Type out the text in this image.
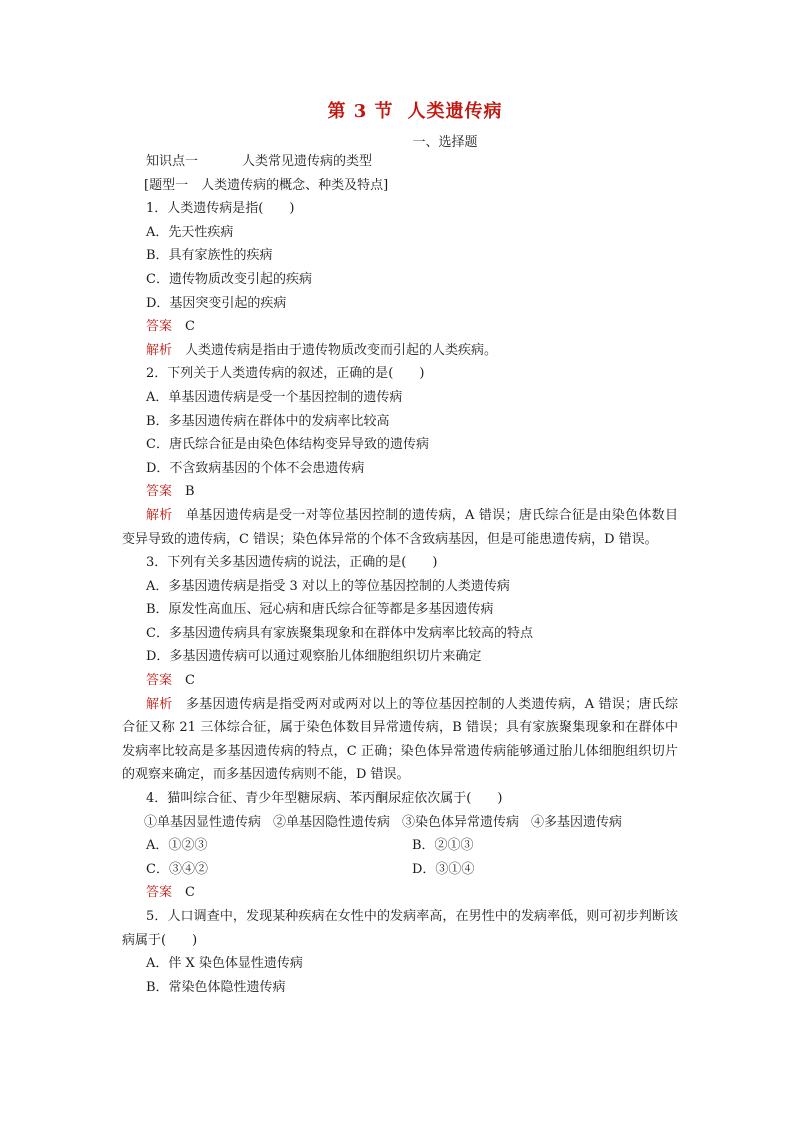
第 3 节 人类遗传病
一、选择题
知识点一	人类常见遗传病的类型
[题型一　人类遗传病的概念、种类及特点]
1．人类遗传病是指(　　)
A．先天性疾病
B．具有家族性的疾病
C．遗传物质改变引起的疾病
D．基因突变引起的疾病
答案　 C
解析　 人类遗传病是指由于遗传物质改变而引起的人类疾病。
2．下列关于人类遗传病的叙述，正确的是(　　)
A．单基因遗传病是受一个基因控制的遗传病
B．多基因遗传病在群体中的发病率比较高
C．唐氏综合征是由染色体结构变异导致的遗传病
D．不含致病基因的个体不会患遗传病
答案　 B
解析　 单基因遗传病是受一对等位基因控制的遗传病，A 错误；唐氏综合征是由染色体数目变异导致的遗传病，C 错误；染色体异常的个体不含致病基因，但是可能患遗传病，D 错误。
3．下列有关多基因遗传病的说法，正确的是(　　)
A．多基因遗传病是指受 3 对以上的等位基因控制的人类遗传病
B．原发性高血压、冠心病和唐氏综合征等都是多基因遗传病
C．多基因遗传病具有家族聚集现象和在群体中发病率比较高的特点
D．多基因遗传病可以通过观察胎儿体细胞组织切片来确定
答案　 C
解析　 多基因遗传病是指受两对或两对以上的等位基因控制的人类遗传病，A 错误；唐氏综合征又称 21 三体综合征，属于染色体数目异常遗传病，B 错误；具有家族聚集现象和在群体中发病率比较高是多基因遗传病的特点，C 正确；染色体异常遗传病能够通过胎儿体细胞组织切片的观察来确定，而多基因遗传病则不能，D 错误。
4．猫叫综合征、青少年型糖尿病、苯丙酮尿症依次属于(　　)
①单基因显性遗传病 ②单基因隐性遗传病 ③染色体异常遗传病 ④多基因遗传病
A．①②③	B．②①③
C．③④②	D．③①④
答案　 C
5．人口调查中，发现某种疾病在女性中的发病率高，在男性中的发病率低，则可初步判断该病属于(　　)
A．伴 X 染色体显性遗传病
B．常染色体隐性遗传病
